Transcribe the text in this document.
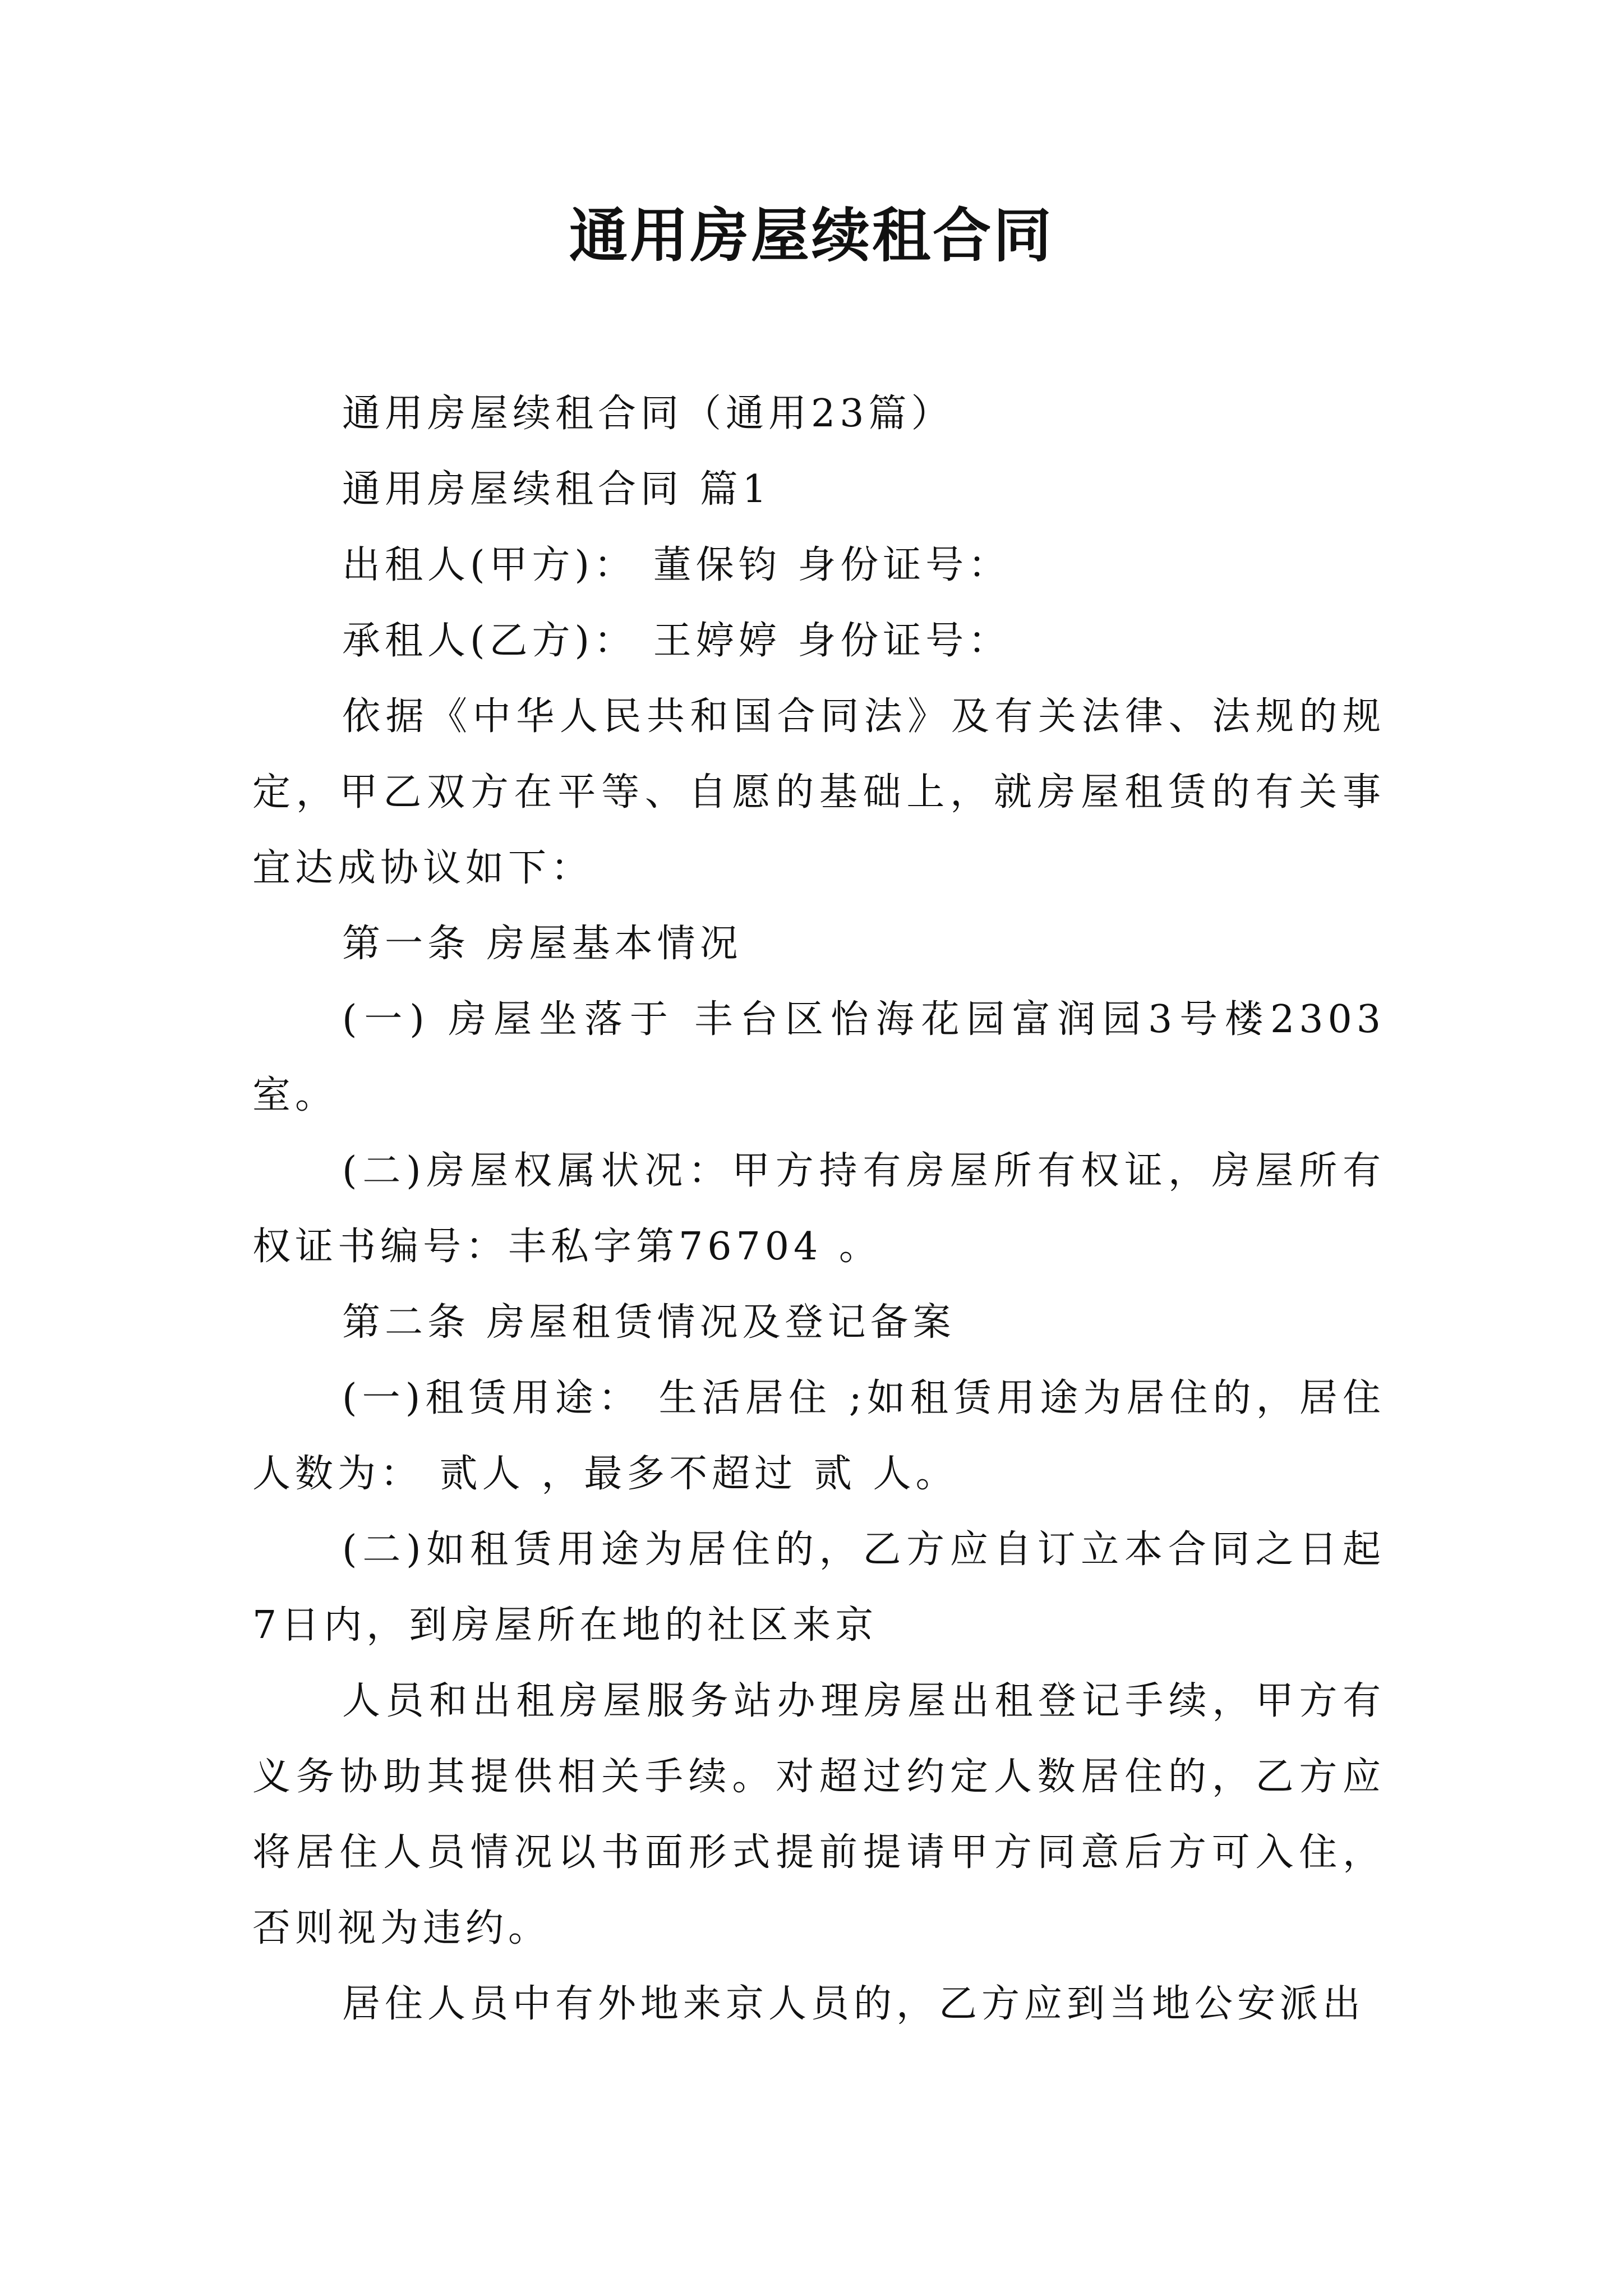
通用房屋续租合同

通用房屋续租合同（通用23篇）

通用房屋续租合同 篇1

出租人(甲方)： 董保钧 身份证号：

承租人(乙方)： 王婷婷 身份证号：

依据《中华人民共和国合同法》及有关法律、法规的规定，甲乙双方在平等、自愿的基础上，就房屋租赁的有关事宜达成协议如下：

第一条 房屋基本情况

(一) 房屋坐落于 丰台区怡海花园富润园3号楼2303室。

(二)房屋权属状况：甲方持有房屋所有权证，房屋所有权证书编号：丰私字第76704 。

第二条 房屋租赁情况及登记备案

(一)租赁用途： 生活居住 ;如租赁用途为居住的，居住人数为： 贰人 ，最多不超过 贰 人。

(二)如租赁用途为居住的，乙方应自订立本合同之日起7日内，到房屋所在地的社区来京

人员和出租房屋服务站办理房屋出租登记手续，甲方有义务协助其提供相关手续。对超过约定人数居住的，乙方应将居住人员情况以书面形式提前提请甲方同意后方可入住，否则视为违约。

居住人员中有外地来京人员的，乙方应到当地公安派出
